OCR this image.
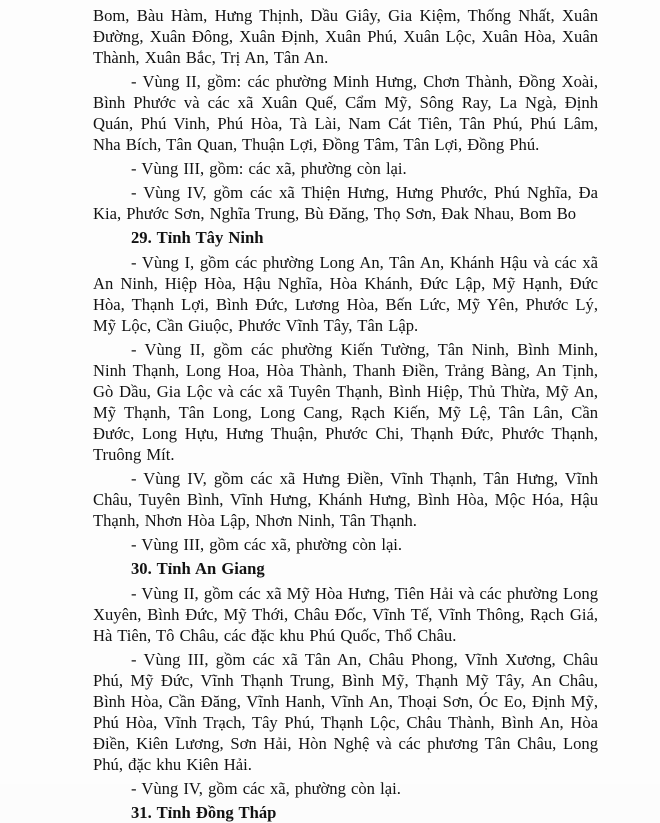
Bom, Bàu Hàm, Hưng Thịnh, Dầu Giây, Gia Kiệm, Thống Nhất, Xuân Đường, Xuân Đông, Xuân Định, Xuân Phú, Xuân Lộc, Xuân Hòa, Xuân Thành, Xuân Bắc, Trị An, Tân An.

- Vùng II, gồm: các phường Minh Hưng, Chơn Thành, Đồng Xoài, Bình Phước và các xã Xuân Quế, Cẩm Mỹ, Sông Ray, La Ngà, Định Quán, Phú Vinh, Phú Hòa, Tà Lài, Nam Cát Tiên, Tân Phú, Phú Lâm, Nha Bích, Tân Quan, Thuận Lợi, Đồng Tâm, Tân Lợi, Đồng Phú.

- Vùng III, gồm: các xã, phường còn lại.

- Vùng IV, gồm các xã Thiện Hưng, Hưng Phước, Phú Nghĩa, Đa Kia, Phước Sơn, Nghĩa Trung, Bù Đăng, Thọ Sơn, Đak Nhau, Bom Bo

29. Tỉnh Tây Ninh

- Vùng I, gồm các phường Long An, Tân An, Khánh Hậu và các xã An Ninh, Hiệp Hòa, Hậu Nghĩa, Hòa Khánh, Đức Lập, Mỹ Hạnh, Đức Hòa, Thạnh Lợi, Bình Đức, Lương Hòa, Bến Lức, Mỹ Yên, Phước Lý, Mỹ Lộc, Cần Giuộc, Phước Vĩnh Tây, Tân Lập.

- Vùng II, gồm các phường Kiến Tường, Tân Ninh, Bình Minh, Ninh Thạnh, Long Hoa, Hòa Thành, Thanh Điền, Trảng Bàng, An Tịnh, Gò Dầu, Gia Lộc và các xã Tuyên Thạnh, Bình Hiệp, Thủ Thừa, Mỹ An, Mỹ Thạnh, Tân Long, Long Cang, Rạch Kiến, Mỹ Lệ, Tân Lân, Cần Đước, Long Hựu, Hưng Thuận, Phước Chi, Thạnh Đức, Phước Thạnh, Truông Mít.

- Vùng IV, gồm các xã Hưng Điền, Vĩnh Thạnh, Tân Hưng, Vĩnh Châu, Tuyên Bình, Vĩnh Hưng, Khánh Hưng, Bình Hòa, Mộc Hóa, Hậu Thạnh, Nhơn Hòa Lập, Nhơn Ninh, Tân Thạnh.

- Vùng III, gồm các xã, phường còn lại.

30. Tỉnh An Giang

- Vùng II, gồm các xã Mỹ Hòa Hưng, Tiên Hải và các phường Long Xuyên, Bình Đức, Mỹ Thới, Châu Đốc, Vĩnh Tế, Vĩnh Thông, Rạch Giá, Hà Tiên, Tô Châu, các đặc khu Phú Quốc, Thổ Châu.

- Vùng III, gồm các xã Tân An, Châu Phong, Vĩnh Xương, Châu Phú, Mỹ Đức, Vĩnh Thạnh Trung, Bình Mỹ, Thạnh Mỹ Tây, An Châu, Bình Hòa, Cần Đăng, Vĩnh Hanh, Vĩnh An, Thoại Sơn, Óc Eo, Định Mỹ, Phú Hòa, Vĩnh Trạch, Tây Phú, Thạnh Lộc, Châu Thành, Bình An, Hòa Điền, Kiên Lương, Sơn Hải, Hòn Nghệ và các phương Tân Châu, Long Phú, đặc khu Kiên Hải.

- Vùng IV, gồm các xã, phường còn lại.

31. Tỉnh Đồng Tháp
